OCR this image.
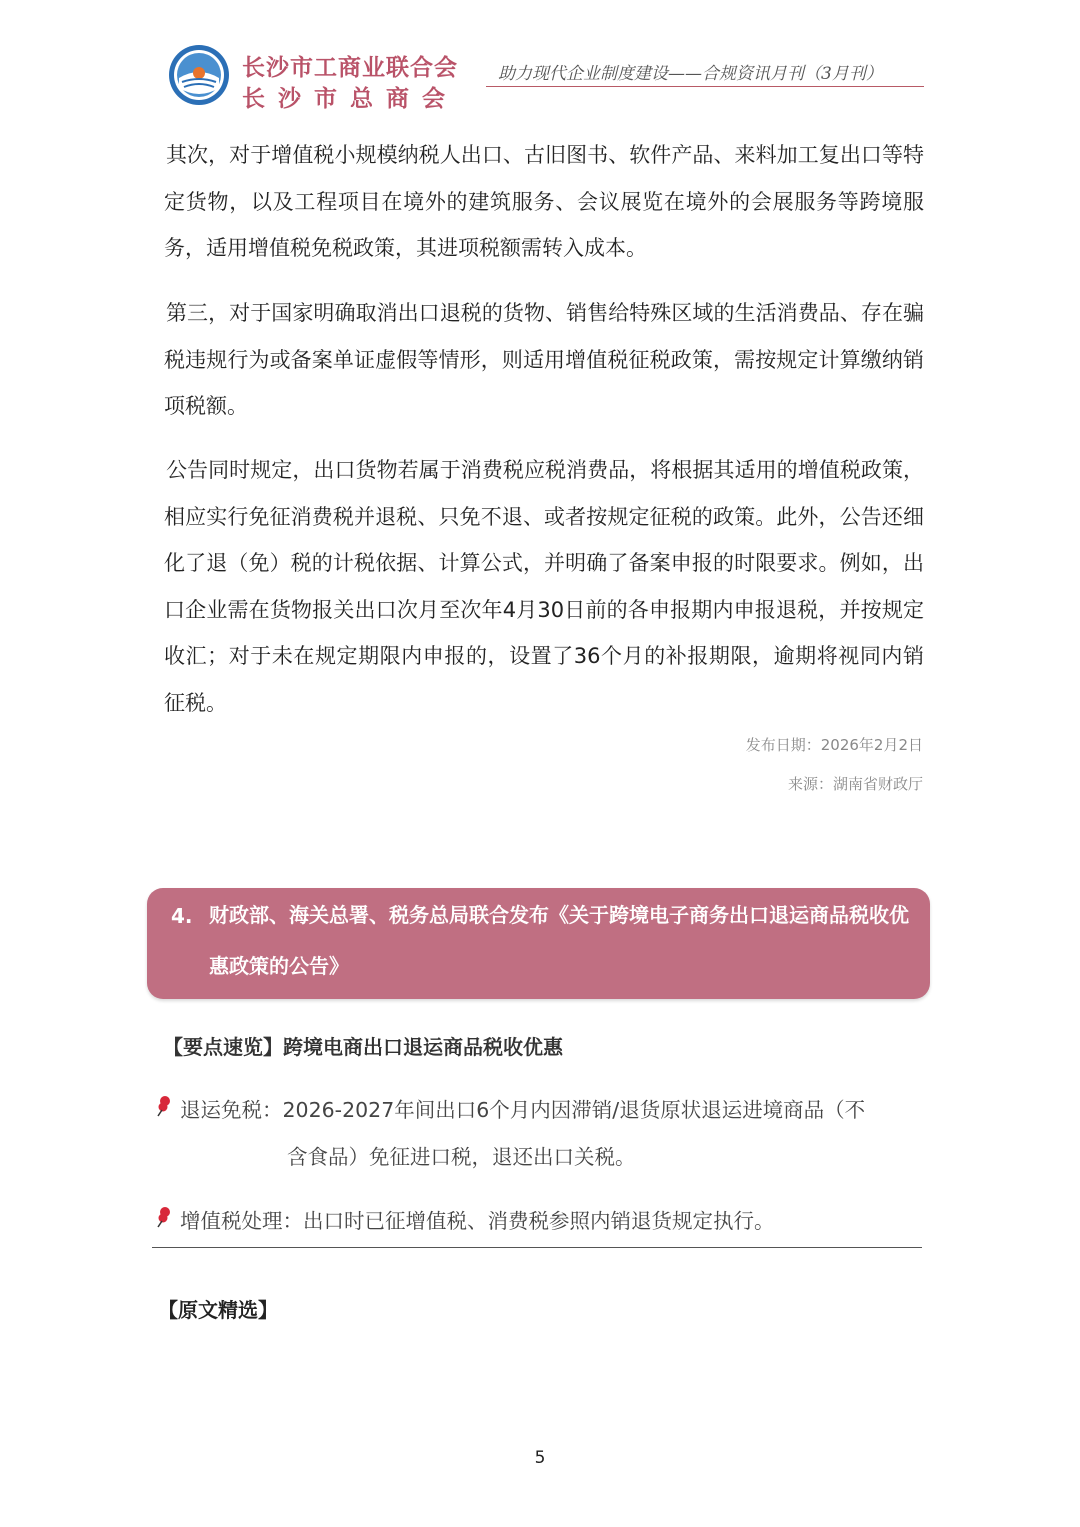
长沙市工商业联合会
长沙市总商会
助力现代企业制度建设——合规资讯月刊（3月刊）
其次，对于增值税小规模纳税人出口、古旧图书、软件产品、来料加工复出口等特定货物，以及工程项目在境外的建筑服务、会议展览在境外的会展服务等跨境服务，适用增值税免税政策，其进项税额需转入成本。
第三，对于国家明确取消出口退税的货物、销售给特殊区域的生活消费品、存在骗税违规行为或备案单证虚假等情形，则适用增值税征税政策，需按规定计算缴纳销项税额。
公告同时规定，出口货物若属于消费税应税消费品，将根据其适用的增值税政策，相应实行免征消费税并退税、只免不退、或者按规定征税的政策。此外，公告还细化了退（免）税的计税依据、计算公式，并明确了备案申报的时限要求。例如，出口企业需在货物报关出口次月至次年4月30日前的各申报期内申报退税，并按规定收汇；对于未在规定期限内申报的，设置了36个月的补报期限，逾期将视同内销征税。
发布日期：2026年2月2日
来源：湖南省财政厅
4. 财政部、海关总署、税务总局联合发布《关于跨境电子商务出口退运商品税收优惠政策的公告》
【要点速览】跨境电商出口退运商品税收优惠
退运免税：2026-2027年间出口6个月内因滞销/退货原状退运进境商品（不
含食品）免征进口税，退还出口关税。
增值税处理：出口时已征增值税、消费税参照内销退货规定执行。
【原文精选】
5
